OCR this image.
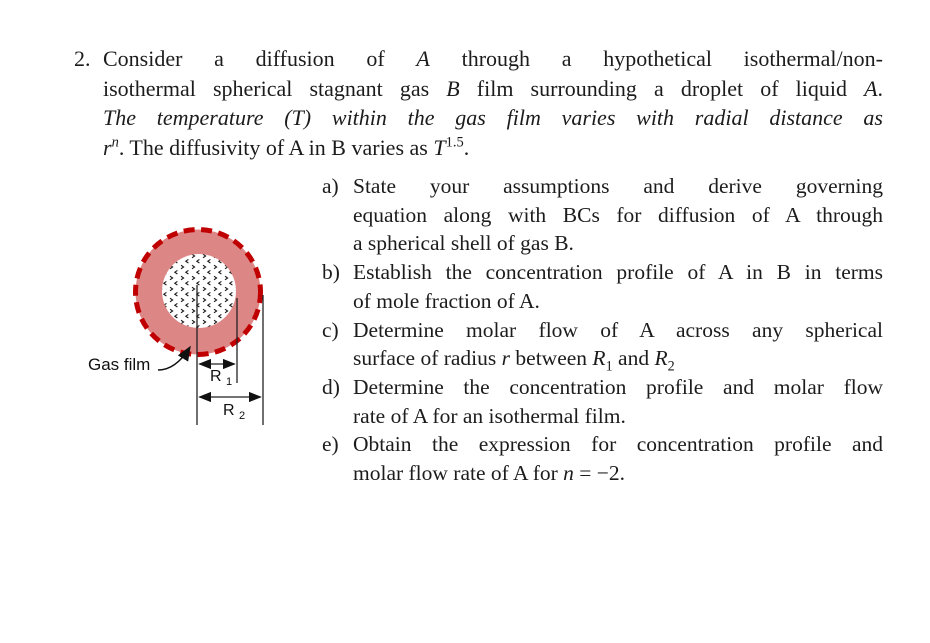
2. Consider a diffusion of A through a hypothetical isothermal/non-
isothermal spherical stagnant gas B film surrounding a droplet of liquid A.
The temperature (T) within the gas film varies with radial distance as
$r^n$. The diffusivity of A in B varies as $T^{1.5}$.
a) State your assumptions and derive governing
equation along with BCs for diffusion of A through
a spherical shell of gas B.
b) Establish the concentration profile of A in B in terms
of mole fraction of A.
c) Determine molar flow of A across any spherical
surface of radius r between $R_1$ and $R_2$
d) Determine the concentration profile and molar flow
rate of A for an isothermal film.
e) Obtain the expression for concentration profile and
molar flow rate of A for n = −2.
Gas film
R $_1$
R $_2$
